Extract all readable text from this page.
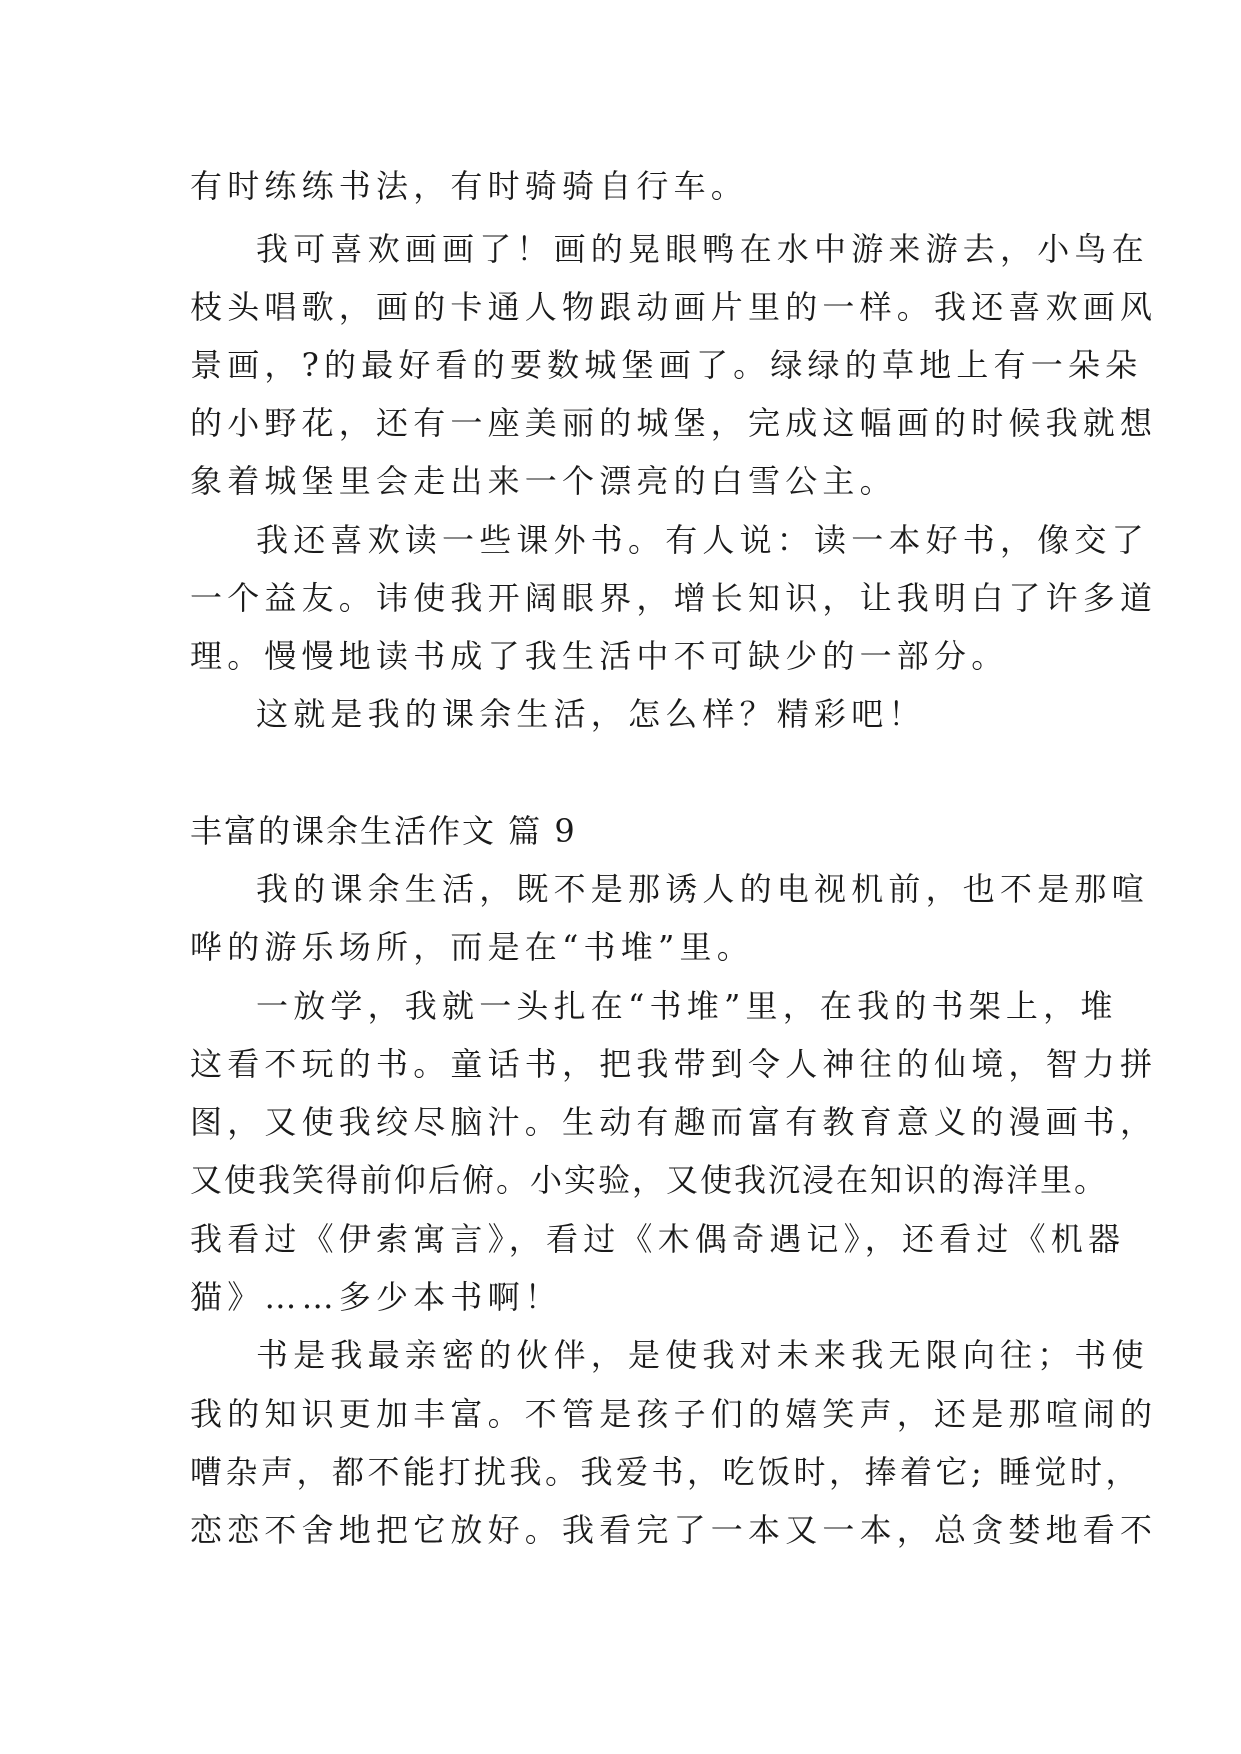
有时练练书法，有时骑骑自行车。
我可喜欢画画了！画的晃眼鸭在水中游来游去，小鸟在
枝头唱歌，画的卡通人物跟动画片里的一样。我还喜欢画风
景画，?的最好看的要数城堡画了。绿绿的草地上有一朵朵
的小野花，还有一座美丽的城堡，完成这幅画的时候我就想
象着城堡里会走出来一个漂亮的白雪公主。
我还喜欢读一些课外书。有人说：读一本好书，像交了
一个益友。讳使我开阔眼界，增长知识，让我明白了许多道
理。慢慢地读书成了我生活中不可缺少的一部分。
这就是我的课余生活，怎么样？精彩吧！
丰富的课余生活作文 篇 9
我的课余生活，既不是那诱人的电视机前，也不是那喧
哗的游乐场所，而是在“书堆”里。
一放学，我就一头扎在“书堆”里，在我的书架上，堆
这看不玩的书。童话书，把我带到令人神往的仙境，智力拼
图，又使我绞尽脑汁。生动有趣而富有教育意义的漫画书，
又使我笑得前仰后俯。小实验，又使我沉浸在知识的海洋里。
我看过《伊索寓言》，看过《木偶奇遇记》，还看过《机器
猫》……多少本书啊！
书是我最亲密的伙伴，是使我对未来我无限向往；书使
我的知识更加丰富。不管是孩子们的嬉笑声，还是那喧闹的
嘈杂声，都不能打扰我。我爱书，吃饭时，捧着它; 睡觉时，
恋恋不舍地把它放好。我看完了一本又一本，总贪婪地看不
